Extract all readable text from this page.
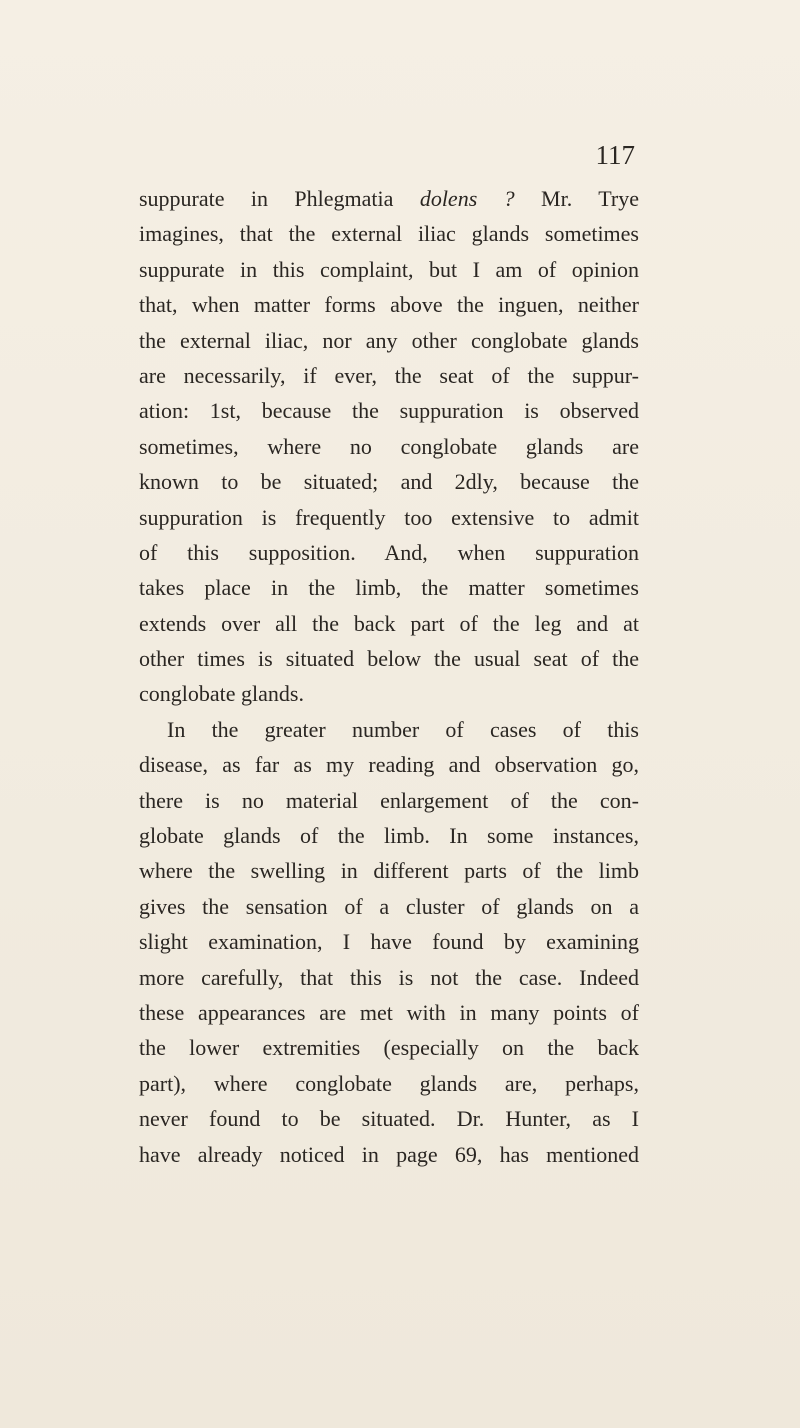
117
suppurate in Phlegmatia dolens ? Mr. Trye
imagines, that the external iliac glands sometimes
suppurate in this complaint, but I am of opinion
that, when matter forms above the inguen, neither
the external iliac, nor any other conglobate glands
are necessarily, if ever, the seat of the suppur-
ation: 1st, because the suppuration is observed
sometimes, where no conglobate glands are
known to be situated; and 2dly, because the
suppuration is frequently too extensive to admit
of this supposition. And, when suppuration
takes place in the limb, the matter sometimes
extends over all the back part of the leg and at
other times is situated below the usual seat of the
conglobate glands.
In the greater number of cases of this
disease, as far as my reading and observation go,
there is no material enlargement of the con-
globate glands of the limb. In some instances,
where the swelling in different parts of the limb
gives the sensation of a cluster of glands on a
slight examination, I have found by examining
more carefully, that this is not the case. Indeed
these appearances are met with in many points of
the lower extremities (especially on the back
part), where conglobate glands are, perhaps,
never found to be situated. Dr. Hunter, as I
have already noticed in page 69, has mentioned
